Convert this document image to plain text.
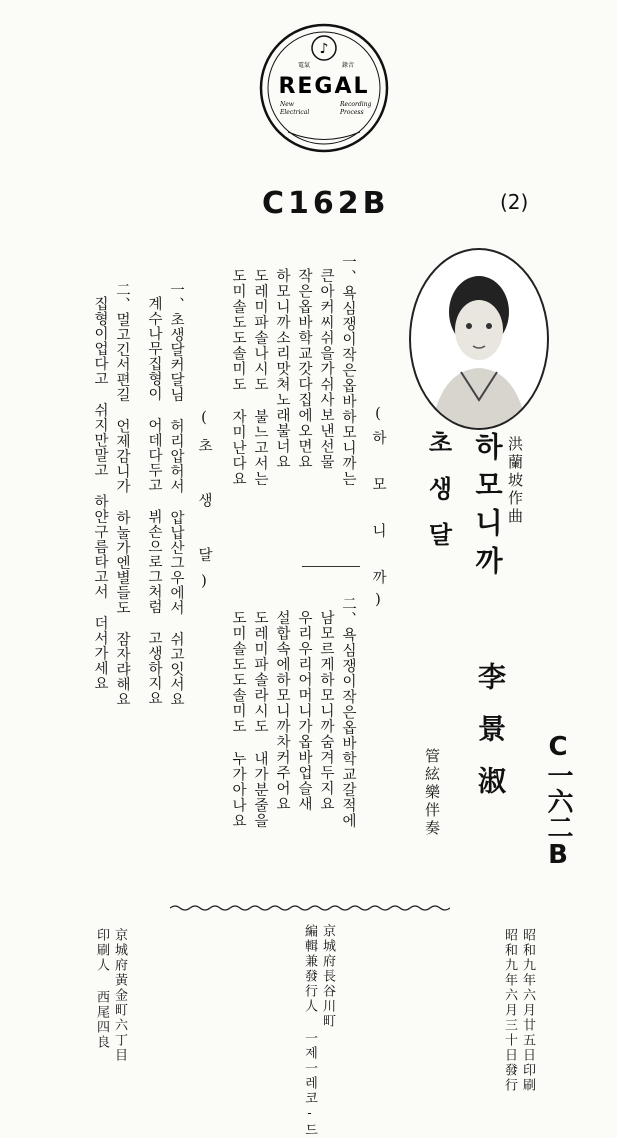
♪
電氣	錄音
REGAL
New
Electrical
Recording
Process
C162B	(2)
洪蘭坡作曲
하모니까
李景淑
초생달
管絃樂伴奏	C一六二B
(하 모 니 까)
一、욕심쟁이작은옵바하모니까는
큰아커씨쉬을가쉬사보낸선물
작은옵바학교갓다집에오면요
하모니까소리맛쳐노래불너요
도레미파솔나시도 불느고서는
도미솔도도솔미도 자미난다요
二、욕심쟁이작은옵바학교갈적에
남모르게하모니까숨겨두지요
우리우리어머니가옵바업슬새
설합속에하모니까차커주어요
도레미파솔라시도 내가분줄을
도미솔도도솔미도 누가아나요
(초 생 달)
一、초생달커달님 허리압허서 압납산그우에서 쉬고잇서요
계수나무집형이 어데다두고 뷔손으로그처럼 고생하지요
二、멀고긴서편길 언제감니가 하눌가엔별들도 잠자랴해요
집형이업다고 쉬지만말고 하얀구름타고서 더서가세요
昭和九年六月廿五日印刷
昭和九年六月三十日發行
京城府長谷川町
編輯兼發行人 一제一레코-드
京城府黃金町六丁目
印刷人 西尾四良
